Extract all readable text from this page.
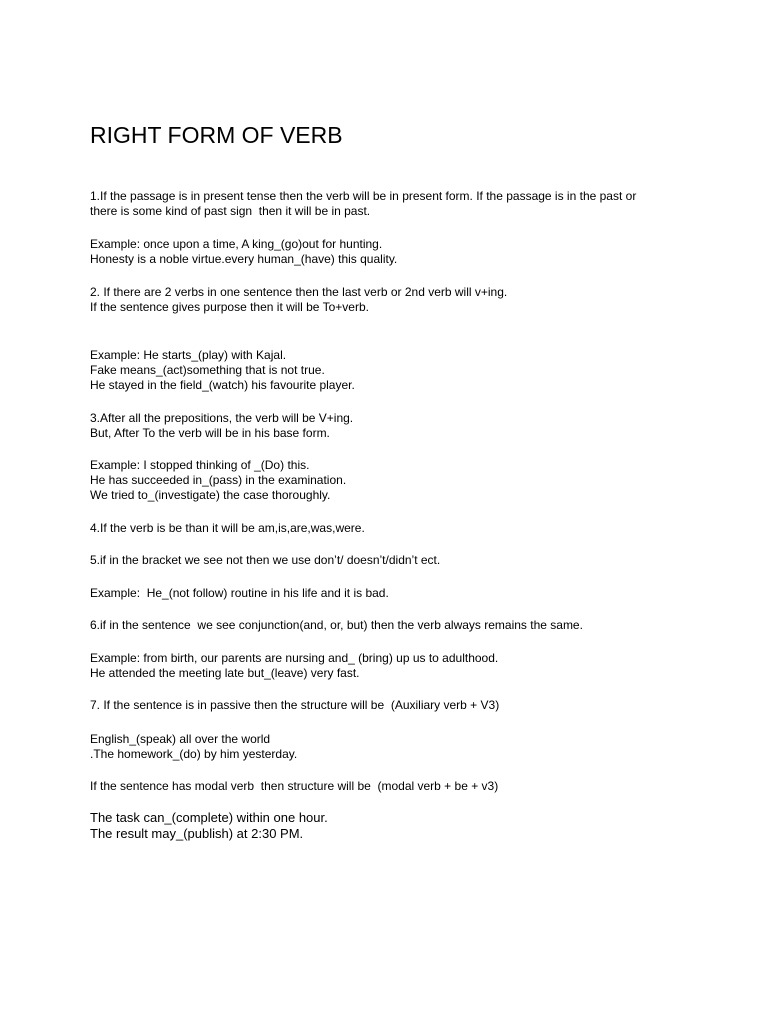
RIGHT FORM OF VERB
1.If the passage is in present tense then the verb will be in present form. If the passage is in the past or
there is some kind of past sign  then it will be in past.
Example: once upon a time, A king_(go)out for hunting.
Honesty is a noble virtue.every human_(have) this quality.
2. If there are 2 verbs in one sentence then the last verb or 2nd verb will v+ing.
If the sentence gives purpose then it will be To+verb.
Example: He starts_(play) with Kajal.
Fake means_(act)something that is not true.
He stayed in the field_(watch) his favourite player.
3.After all the prepositions, the verb will be V+ing.
But, After To the verb will be in his base form.
Example: I stopped thinking of _(Do) this.
He has succeeded in_(pass) in the examination.
We tried to_(investigate) the case thoroughly.
4.If the verb is be than it will be am,is,are,was,were.
5.if in the bracket we see not then we use don’t/ doesn’t/didn’t ect.
Example:  He_(not follow) routine in his life and it is bad.
6.if in the sentence  we see conjunction(and, or, but) then the verb always remains the same.
Example: from birth, our parents are nursing and_ (bring) up us to adulthood.
He attended the meeting late but_(leave) very fast.
7. If the sentence is in passive then the structure will be  (Auxiliary verb + V3)
English_(speak) all over the world
.The homework_(do) by him yesterday.
If the sentence has modal verb  then structure will be  (modal verb + be + v3)
The task can_(complete) within one hour.
The result may_(publish) at 2:30 PM.
